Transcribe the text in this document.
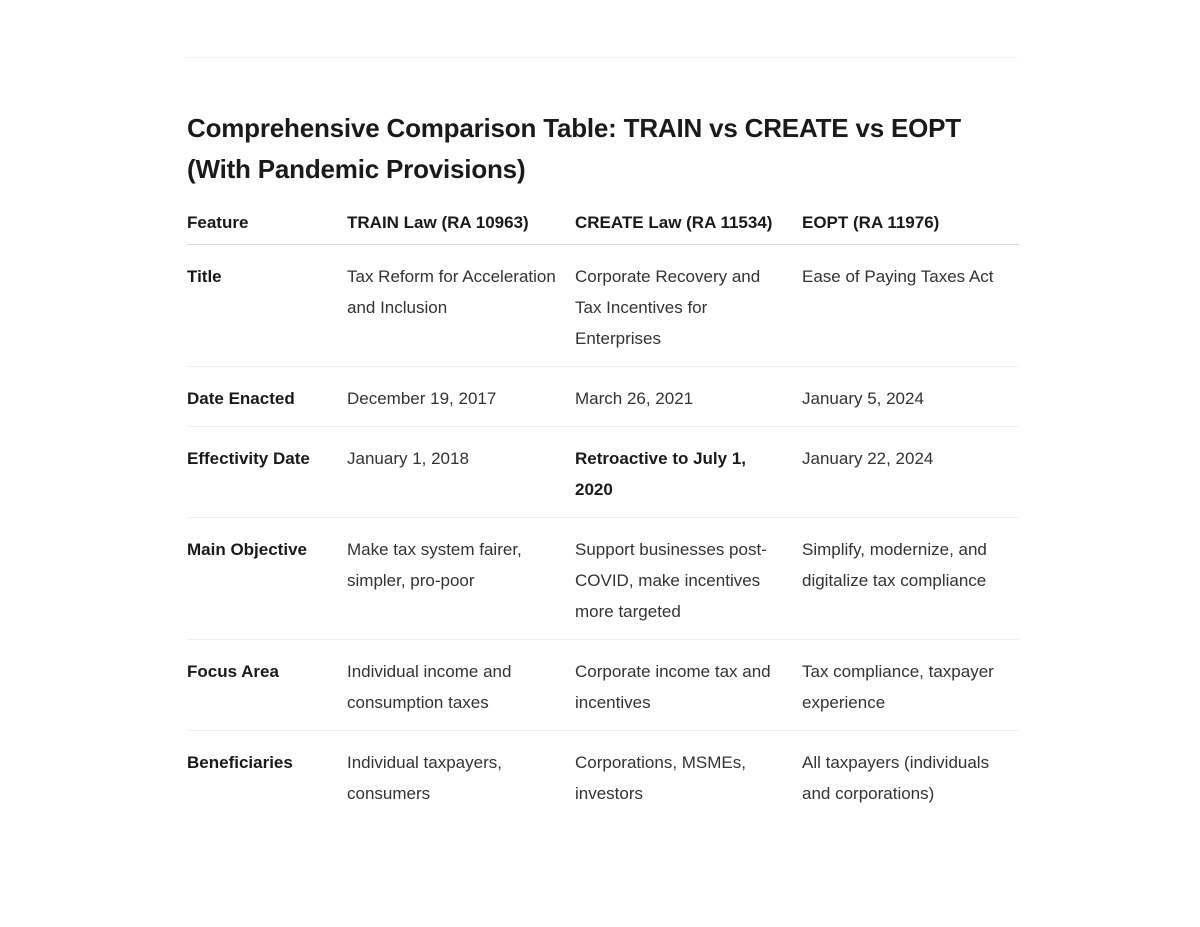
Comprehensive Comparison Table: TRAIN vs CREATE vs EOPT
(With Pandemic Provisions)
Feature	TRAIN Law (RA 10963)	CREATE Law (RA 11534)	EOPT (RA 11976)
Title	Tax Reform for Acceleration and Inclusion	Corporate Recovery and Tax Incentives for Enterprises	Ease of Paying Taxes Act
Date Enacted	December 19, 2017	March 26, 2021	January 5, 2024
Effectivity Date	January 1, 2018	Retroactive to July 1, 2020	January 22, 2024
Main Objective	Make tax system fairer, simpler, pro-poor	Support businesses post-COVID, make incentives more targeted	Simplify, modernize, and digitalize tax compliance
Focus Area	Individual income and consumption taxes	Corporate income tax and incentives	Tax compliance, taxpayer experience
Beneficiaries	Individual taxpayers, consumers	Corporations, MSMEs, investors	All taxpayers (individuals and corporations)
